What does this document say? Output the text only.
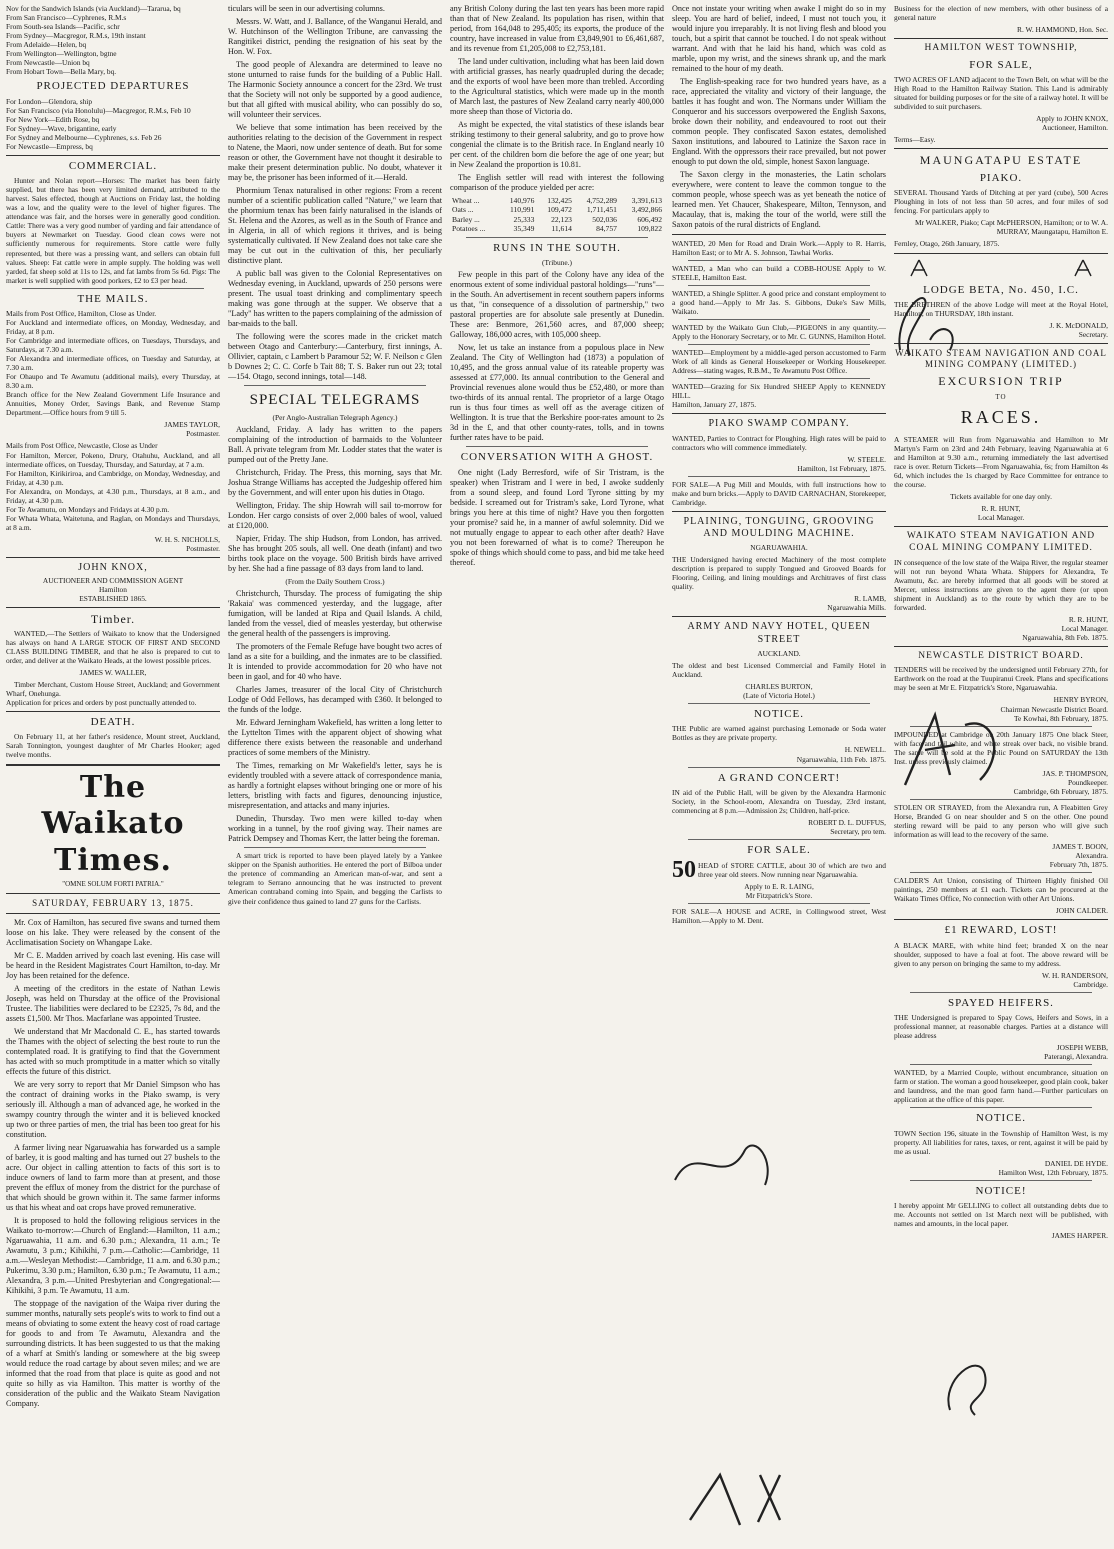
Nov for the Sandwich Islands (via Auckland)—Tararua, bq
From San Francisco—Cyphrenes, R.M.s
From South-sea Islands—Pacific, schr
From Sydney—Macgregor, R.M.s, 19th instant
From Adelaide—Helen, bq
From Wellington—Wellington, bgtne
From Newcastle—Union bq
From Hobart Town—Bella Mary, bq.

PROJECTED DEPARTURES

For London—Glendora, ship
For San Francisco (via Honolulu)—Macgregor, R.M.s, Feb 10
For New York—Edith Rose, bq
For Sydney—Wave, brigantine, early
For Sydney and Melbourne—Cyphrenes, s.s. Feb 26
For Newcastle—Empress, bq

COMMERCIAL.

Hunter and Nolan report—Horses: The market has been fairly supplied, but there has been very limited demand, attributed to the harvest. Sales effected, though at Auctions on Friday last, the holding was a low, and the quality were to the level of higher figures. The attendance was fair, and the horses were in generally good condition. Cattle: There was a very good number of yarding and fair attendance of buyers at Newmarket on Tuesday. Good clean cows were not sufficiently numerous for requirements. Store cattle were fully represented, but there was a pressing want, and sellers can obtain full values. Sheep: Fat cattle were in ample supply. The holding was well yarded, fat sheep sold at 11s to 12s, and fat lambs from 5s 6d. Pigs: The market is well supplied with good porkers, £2 to £3 per head.

THE MAILS.

Mails from Post Office, Hamilton, Close as Under.
For Auckland and intermediate offices, on Monday, Wednesday, and Friday, at 8 p.m.
For Cambridge and intermediate offices, on Tuesdays, Thursdays, and Saturdays, at 7.30 a.m.
For Alexandra and intermediate offices, on Tuesday and Saturday, at 7.30 a.m.
For Ohaupo and Te Awamutu (additional mails), every Thursday, at 8.30 a.m.
Branch office for the New Zealand Government Life Insurance and Annuities, Money Order, Savings Bank, and Revenue Stamp Department.—Office hours from 9 till 5.

JAMES TAYLOR,
Postmaster.

Mails from Post Office, Newcastle, Close as Under
For Hamilton, Mercer, Pokeno, Drury, Otahuhu, Auckland, and all intermediate offices, on Tuesday, Thursday, and Saturday, at 7 a.m.
For Hamilton, Kirikiriroa, and Cambridge, on Monday, Wednesday, and Friday, at 4.30 p.m.
For Alexandra, on Mondays, at 4.30 p.m., Thursdays, at 8 a.m., and Friday, at 4.30 p.m.
For Te Awamutu, on Mondays and Fridays at 4.30 p.m.
For Whata Whata, Waitetuna, and Raglan, on Mondays and Thursdays, at 8 a.m.

W. H. S. NICHOLLS,
Postmaster.

JOHN KNOX,

AUCTIONEER AND COMMISSION AGENT
Hamilton
ESTABLISHED 1865.

Timber.

WANTED,—The Settlers of Waikato to know that the Undersigned has always on hand A LARGE STOCK OF FIRST AND SECOND CLASS BUILDING TIMBER, and that he also is prepared to cut to order, and deliver at the Waikato Heads, at the lowest possible prices.

JAMES W. WALLER,

Timber Merchant, Custom House Street, Auckland; and Government Wharf, Onehunga.
Application for prices and orders by post punctually attended to.

DEATH.

On February 11, at her father's residence, Mount street, Auckland, Sarah Tonnington, youngest daughter of Mr Charles Hooker; aged twelve months.

The Waikato Times.
"OMNE SOLUM FORTI PATRIA."
SATURDAY, FEBRUARY 13, 1875.

Mr. Cox of Hamilton, has secured five swans and turned them loose on his lake. They were released by the consent of the Acclimatisation Society on Whangape Lake.

Mr C. E. Madden arrived by coach last evening. His case will be heard in the Resident Magistrates Court Hamilton, to-day. Mr Joy has been retained for the defence.

A meeting of the creditors in the estate of Nathan Lewis Joseph, was held on Thursday at the office of the Provisional Trustee. The liabilities were declared to be £2325, 7s 8d, and the assets £1,500. Mr Thos. Macfarlane was appointed Trustee.

We understand that Mr Macdonald C. E., has started towards the Thames with the object of selecting the best route to run the contemplated road. It is gratifying to find that the Government has acted with so much promptitude in a matter which so vitally effects the future of this district.

We are very sorry to report that Mr Daniel Simpson who has the contract of draining works in the Piako swamp, is very seriously ill. Although a man of advanced age, he worked in the swampy country through the winter and it is believed knocked up two or three parties of men, the trial has been too great for his constitution.

A farmer living near Ngaruawahia has forwarded us a sample of barley, it is good malting and has turned out 27 bushels to the acre. Our object in calling attention to facts of this sort is to induce owners of land to farm more than at present, and those prevent the efflux of money from the district for the purchase of that which should be grown within it. The same farmer informs us that his wheat and oat crops have proved remunerative.

It is proposed to hold the following religious services in the Waikato to-morrow:—Church of England:—Hamilton, 11 a.m.; Ngaruawahia, 11 a.m. and 6.30 p.m.; Alexandra, 11 a.m.; Te Awamutu, 3 p.m.; Kihikihi, 7 p.m.—Catholic:—Cambridge, 11 a.m.—Wesleyan Methodist:—Cambridge, 11 a.m. and 6.30 p.m.; Pukerimu, 3.30 p.m.; Hamilton, 6.30 p.m.; Te Awamutu, 11 a.m.; Alexandra, 3 p.m.—United Presbyterian and Congregational:—Kihikihi, 3 p.m. Te Awamutu, 11 a.m.

The stoppage of the navigation of the Waipa river during the summer months, naturally sets people's wits to work to find out a means of obviating to some extent the heavy cost of road cartage for goods to and from Te Awamutu, Alexandra and the surrounding districts. It has been suggested to us that the making of a wharf at Smith's landing or somewhere at the big sweep would reduce the road cartage by about seven miles; and we are informed that the road from that place is quite as good and not quite so hilly as via Hamilton. This matter is worthy of the consideration of the public and the Waikato Steam Navigation Company.

ticulars will be seen in our advertising columns.

Messrs. W. Watt, and J. Ballance, of the Wanganui Herald, and W. Hutchinson of the Wellington Tribune, are canvassing the Rangitikei district, pending the resignation of his seat by the Hon. W. Fox.

The good people of Alexandra are determined to leave no stone unturned to raise funds for the building of a Public Hall. The Harmonic Society announce a concert for the 23rd. We trust that the Society will not only be supported by a good audience, but that all gifted with musical ability, who can possibly do so, will volunteer their services.

We believe that some intimation has been received by the authorities relating to the decision of the Government in respect to Natene, the Maori, now under sentence of death. But for some reason or other, the Government have not thought it desirable to make their present determination public. No doubt, whatever it may be, the prisoner has been informed of it.—Herald.

Phormium Tenax naturalised in other regions: From a recent number of a scientific publication called "Nature," we learn that the phormium tenax has been fairly naturalised in the islands of St. Helena and the Azores, as well as in the South of France and in Algeria, in all of which regions it thrives, and is being systematically cultivated. If New Zealand does not take care she may be cut out in the cultivation of this, her peculiarly distinctive plant.

A public ball was given to the Colonial Representatives on Wednesday evening, in Auckland, upwards of 250 persons were present. The usual toast drinking and complimentary speech making was gone through at the supper. We observe that a "Lady" has written to the papers complaining of the admission of bar-maids to the ball.

The following were the scores made in the cricket match between Otago and Canterbury:—Canterbury, first innings, A. Ollivier, captain, c Lambert b Paramour 52; W. F. Neilson c Glen b Downes 2; C. C. Corfe b Tait 88; T. S. Baker run out 23; total—154. Otago, second innings, total—148.

SPECIAL TELEGRAMS

(Per Anglo-Australian Telegraph Agency.)

Auckland, Friday. A lady has written to the papers complaining of the introduction of barmaids to the Volunteer Ball. A private telegram from Mr. Lodder states that the water is pumped out of the Pretty Jane.

Christchurch, Friday. The Press, this morning, says that Mr. Joshua Strange Williams has accepted the Judgeship offered him by the Government, and will enter upon his duties in Otago.

Wellington, Friday. The ship Howrah will sail to-morrow for London. Her cargo consists of over 2,000 bales of wool, valued at £120,000.

Napier, Friday. The ship Hudson, from London, has arrived. She has brought 205 souls, all well. One death (infant) and two births took place on the voyage. 500 British birds have arrived by her. She had a fine passage of 83 days from land to land.

(From the Daily Southern Cross.)

Christchurch, Thursday. The process of fumigating the ship 'Rakaia' was commenced yesterday, and the luggage, after fumigation, will be landed at Ripa and Quail Islands. A child, landed from the vessel, died of measles yesterday, but otherwise the general health of the passengers is improving.

The promoters of the Female Refuge have bought two acres of land as a site for a building, and the inmates are to be classified. It is intended to provide accommodation for 20 who have not been in gaol, and for 40 who have.

Charles James, treasurer of the local City of Christchurch Lodge of Odd Fellows, has decamped with £360. It belonged to the funds of the lodge.

Mr. Edward Jerningham Wakefield, has written a long letter to the Lyttelton Times with the apparent object of showing what difference there exists between the reasonable and underhand practices of some members of the Ministry.

The Times, remarking on Mr Wakefield's letter, says he is evidently troubled with a severe attack of correspondence mania, as hardly a fortnight elapses without bringing one or more of his letters, bristling with facts and figures, denouncing injustice, misrepresentation, and attacks and many injuries.

Dunedin, Thursday. Two men were killed to-day when working in a tunnel, by the roof giving way. Their names are Patrick Dempsey and Thomas Kerr, the latter being the foreman.

A smart trick is reported to have been played lately by a Yankee skipper on the Spanish authorities. He entered the port of Bilboa under the pretence of commanding an American man-of-war, and sent a telegram to Serrano announcing that he was instructed to prevent American contraband coming into Spain, and begging the Carlists to give their confidence thus gained to land 27 guns for the Carlists.

any British Colony during the last ten years has been more rapid than that of New Zealand. Its population has risen, within that period, from 164,048 to 295,405; its exports, the produce of the country, have increased in value from £3,849,901 to £6,461,687, and its revenue from £1,205,008 to £2,753,181.

The land under cultivation, including what has been laid down with artificial grasses, has nearly quadrupled during the decade; and the exports of wool have been more than trebled. According to the Agricultural statistics, which were made up in the month of March last, the pastures of New Zealand carry nearly 400,000 more sheep than those of Victoria do.

As might be expected, the vital statistics of these islands bear striking testimony to their general salubrity, and go to prove how congenial the climate is to the British race. In England nearly 10 per cent. of the children born die before the age of one year; but in New Zealand the proportion is 10.81.

The English settler will read with interest the following comparison of the produce yielded per acre:

Wheat ...	140,976	132,425	4,752,289	3,391,613
Oats ...	110,991	109,472	1,711,451	3,492,866
Barley ...	25,333	22,123	502,036	606,492
Potatoes ...	35,349	11,614	84,757	109,822
RUNS IN THE SOUTH.

(Tribune.)

Few people in this part of the Colony have any idea of the enormous extent of some individual pastoral holdings—"runs"—in the South. An advertisement in recent southern papers informs us that, "in consequence of a dissolution of partnership," two pastoral properties are for absolute sale presently at Dunedin. These are: Benmore, 261,560 acres, and 87,000 sheep; Galloway, 186,000 acres, with 105,000 sheep.

Now, let us take an instance from a populous place in New Zealand. The City of Wellington had (1873) a population of 10,495, and the gross annual value of its rateable property was assessed at £77,000. Its annual contribution to the General and Provincial revenues alone would thus be £52,480, or more than two-thirds of its annual rental. The proprietor of a large Otago run is thus four times as well off as the average citizen of Wellington. It is true that the Berkshire poor-rates amount to 2s 3d in the £, and that other county-rates, tolls, and in towns further rates have to be paid.

CONVERSATION WITH A GHOST.

One night (Lady Berresford, wife of Sir Tristram, is the speaker) when Tristram and I were in bed, I awoke suddenly from a sound sleep, and found Lord Tyrone sitting by my bedside. I screamed out for Tristram's sake, Lord Tyrone, what brings you here at this time of night? Have you then forgotten your promise? said he, in a manner of awful solemnity. Did we not mutually engage to appear to each other after death? Have you not been forewarned of what is to come? Thereupon he spoke of things which should come to pass, and bid me take heed thereof.

Once not instate your writing when awake I might do so in my sleep. You are hard of belief, indeed, I must not touch you, it would injure you irreparably. It is not living flesh and blood you touch, but a spirit that cannot be touched. I do not speak without warrant. And with that he laid his hand, which was cold as marble, upon my wrist, and the sinews shrank up, and the mark remained to the hour of my death.

The English-speaking race for two hundred years have, as a race, appreciated the vitality and victory of their language, the battles it has fought and won. The Normans under William the Conqueror and his successors overpowered the English Saxons, broke down their nobility, and endeavoured to root out their common people. They confiscated Saxon estates, demolished Saxon institutions, and laboured to Latinize the Saxon race in England. With the oppressors their race prevailed, but not power enough to put down the old, simple, honest Saxon language.

The Saxon clergy in the monasteries, the Latin scholars everywhere, were content to leave the common tongue to the common people, whose speech was as yet beneath the notice of learned men. Yet Chaucer, Shakespeare, Milton, Tennyson, and Macaulay, that is, making the tour of the world, were still the Saxon patois of the rural districts of England.

WANTED, 20 Men for Road and Drain Work.—Apply to R. Harris, Hamilton East; or to Mr A. S. Johnson, Tawhai Works.

WANTED, a Man who can build a COBB-HOUSE Apply to W. STEELE, Hamilton East.

WANTED, a Shingle Splitter. A good price and constant employment to a good hand.—Apply to Mr Jas. S. Gibbons, Duke's Saw Mills, Waikato.

WANTED by the Waikato Gun Club,—PIGEONS in any quantity.—Apply to the Honorary Secretary, or to Mr. C. GUNNS, Hamilton Hotel.

WANTED—Employment by a middle-aged person accustomed to Farm Work of all kinds as General Housekeeper or Working Housekeeper. Address—stating wages, R.B.M., Te Awamutu Post Office.

WANTED—Grazing for Six Hundred SHEEP Apply to KENNEDY HILL.
Hamilton, January 27, 1875.

PIAKO SWAMP COMPANY.

WANTED, Parties to Contract for Ploughing. High rates will be paid to contractors who will commence immediately.

W. STEELE.
Hamilton, 1st February, 1875.

FOR SALE—A Pug Mill and Moulds, with full instructions how to make and burn bricks.—Apply to DAVID CARNACHAN, Storekeeper, Cambridge.

PLAINING, TONGUING, GROOVING AND MOULDING MACHINE.

NGARUAWAHIA.

THE Undersigned having erected Machinery of the most complete description is prepared to supply Tongued and Grooved Boards for Flooring, Ceiling, and lining mouldings and Architraves of first class quality.

R. LAMB,
Ngaruawahia Mills.

ARMY AND NAVY HOTEL, QUEEN STREET

AUCKLAND.

The oldest and best Licensed Commercial and Family Hotel in Auckland.

CHARLES BURTON,
(Late of Victoria Hotel.)

NOTICE.

THE Public are warned against purchasing Lemonade or Soda water Bottles as they are private property.

H. NEWELL.
Ngaruawahia, 11th Feb. 1875.

A GRAND CONCERT!

IN aid of the Public Hall, will be given by the Alexandra Harmonic Society, in the School-room, Alexandra on Tuesday, 23rd instant, commencing at 8 p.m.—Admission 2s; Children, half-price.

ROBERT D. L. DUFFUS,
Secretary, pro tem.

FOR SALE.

50 HEAD of STORE CATTLE, about 30 of which are two and three year old steers. Now running near Ngaruawahia.

Apply to E. R. LAING,
Mr Fitzpatrick's Store.

FOR SALE—A HOUSE and ACRE, in Collingwood street, West Hamilton.—Apply to M. Dent.

Business for the election of new members, with other business of a general nature

R. W. HAMMOND, Hon. Sec.

HAMILTON WEST TOWNSHIP,
FOR SALE,

TWO ACRES OF LAND adjacent to the Town Belt, on what will be the High Road to the Hamilton Railway Station. This Land is admirably situated for building purposes or for the site of a railway hotel. It will be subdivided to suit purchasers.

Apply to JOHN KNOX,
Auctioneer, Hamilton.

Terms—Easy.

MAUNGATAPU ESTATE
PIAKO.

SEVERAL Thousand Yards of Ditching at per yard (cube), 500 Acres Ploughing in lots of not less than 50 acres, and four miles of sod fencing. For particulars apply to

Mr WALKER, Piako; Capt McPHERSON, Hamilton; or to W. A. MURRAY, Maungatapu, Hamilton E.

Fernley, Otago, 26th January, 1875.

LODGE BETA, No. 450, I.C.

THE BRETHREN of the above Lodge will meet at the Royal Hotel, Hamilton, on THURSDAY, 18th instant.

J. K. McDONALD,
Secretary.

WAIKATO STEAM NAVIGATION AND COAL MINING COMPANY (LIMITED.)
EXCURSION TRIP
TO
RACES.

A STEAMER will Run from Ngaruawahia and Hamilton to Mr Martyn's Farm on 23rd and 24th February, leaving Ngaruawahia at 6 and Hamilton at 9.30 a.m., returning immediately the last advertised race is over. Return Tickets—From Ngaruawahia, 6s; from Hamilton 4s 6d, which includes the 1s charged by Race Committee for entrance to the course.

Tickets available for one day only.

R. R. HUNT,
Local Manager.

WAIKATO STEAM NAVIGATION AND COAL MINING COMPANY LIMITED.

IN consequence of the low state of the Waipa River, the regular steamer will not run beyond Whata Whata. Shippers for Alexandra, Te Awamutu, &c. are hereby informed that all goods will be stored at Mercer, unless instructions are given to the agent there (or upon shipment in Auckland) as to the route by which they are to be forwarded.

R. R. HUNT,
Local Manager.
Ngaruawahia, 8th Feb. 1875.

NEWCASTLE DISTRICT BOARD.

TENDERS will be received by the undersigned until February 27th, for Earthwork on the road at the Tuupiranui Creek. Plans and specifications may be seen at Mr E. Fitzpatrick's Store, Ngaruawahia.

HENRY BYRON,
Chairman Newcastle District Board.
Te Kowhai, 8th February, 1875.

IMPOUNDED at Cambridge on 20th January 1875 One black Steer, with face and tail white, and white streak over back, no visible brand. The same will be sold at the Public Pound on SATURDAY the 13th Inst. unless previously claimed.

JAS. P. THOMPSON,
Poundkeeper.
Cambridge, 6th February, 1875.

STOLEN OR STRAYED, from the Alexandra run, A Fleabitten Grey Horse, Branded G on near shoulder and S on the other. One pound sterling reward will be paid to any person who will give such information as will lead to the recovery of the same.

JAMES T. BOON,
Alexandra.
February 7th, 1875.

CALDER'S Art Union, consisting of Thirteen Highly finished Oil paintings, 250 members at £1 each. Tickets can be procured at the Waikato Times Office, No connection with other Art Unions.

JOHN CALDER.

£1 REWARD, LOST!

A BLACK MARE, with white hind feet; branded X on the near shoulder, supposed to have a foal at foot. The above reward will be given to any person on bringing the same to my address.

W. H. RANDERSON,
Cambridge.

SPAYED HEIFERS.

THE Undersigned is prepared to Spay Cows, Heifers and Sows, in a professional manner, at reasonable charges. Parties at a distance will please address

JOSEPH WEBB,
Paterangi, Alexandra.

WANTED, by a Married Couple, without encumbrance, situation on farm or station. The woman a good housekeeper, good plain cook, baker and laundress, and the man good farm hand.—Further particulars on application at the office of this paper.

NOTICE.

TOWN Section 196, situate in the Township of Hamilton West, is my property. All liabilities for rates, taxes, or rent, against it will be paid by me as usual.

DANIEL DE HYDE.
Hamilton West, 12th February, 1875.

NOTICE!

I hereby appoint Mr GELLING to collect all outstanding debts due to me. Accounts not settled on 1st March next will be published, with names and amounts, in the local paper.

JAMES HARPER.
